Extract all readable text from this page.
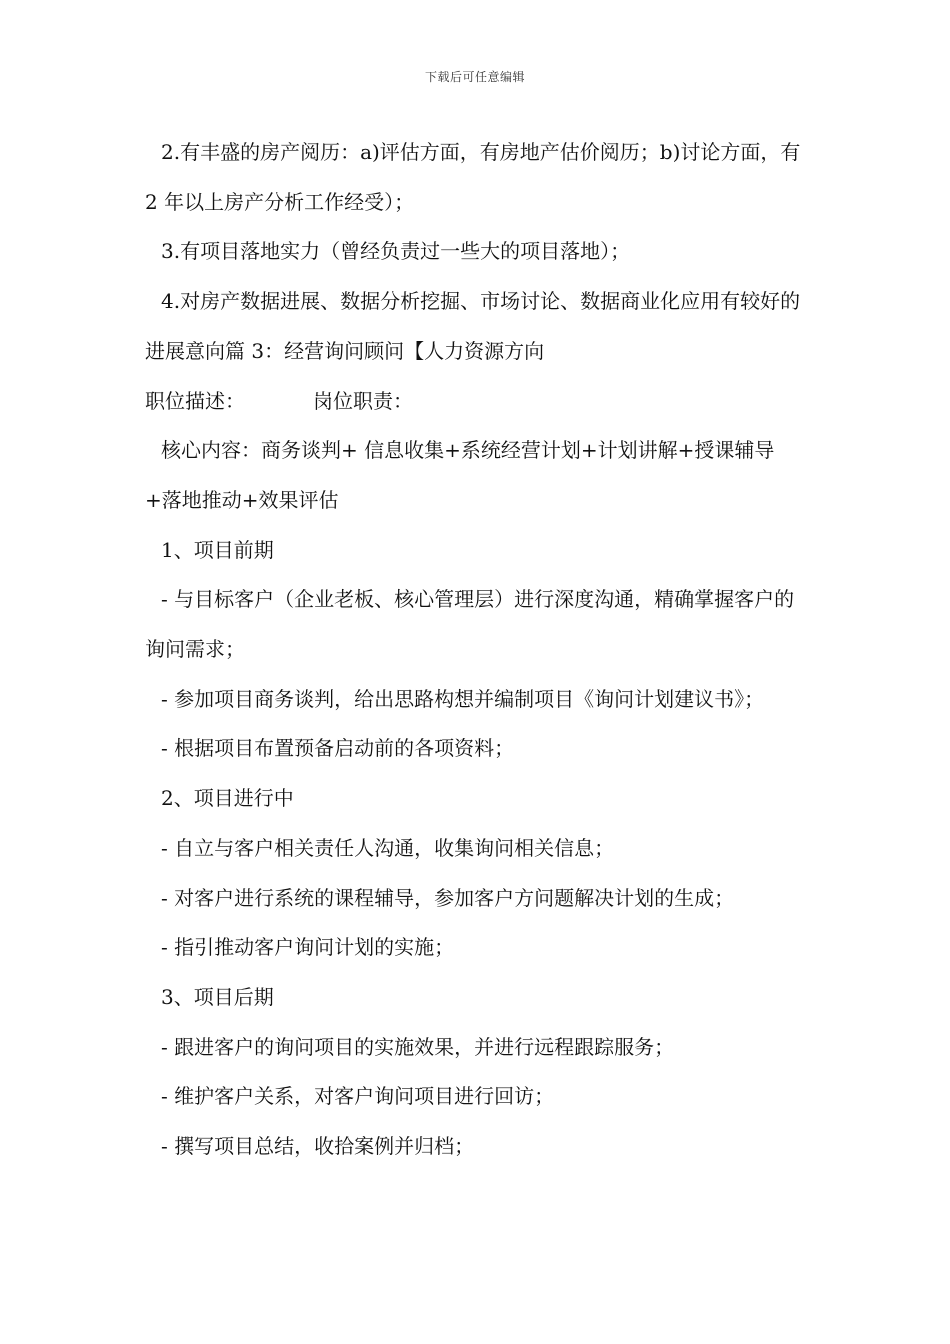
下载后可任意编辑

2.有丰盛的房产阅历：a)评估方面，有房地产估价阅历；b)讨论方面，有 2 年以上房产分析工作经受）；

3.有项目落地实力（曾经负责过一些大的项目落地）；

4.对房产数据进展、数据分析挖掘、市场讨论、数据商业化应用有较好的进展意向篇 3：经营询问顾问【人力资源方向

职位描述：	岗位职责：

核心内容：商务谈判+ 信息收集+系统经营计划+计划讲解+授课辅导+落地推动+效果评估

1、项目前期

- 与目标客户（企业老板、核心管理层）进行深度沟通，精确掌握客户的询问需求；

- 参加项目商务谈判，给出思路构想并编制项目《询问计划建议书》；

- 根据项目布置预备启动前的各项资料；

2、项目进行中

- 自立与客户相关责任人沟通，收集询问相关信息；

- 对客户进行系统的课程辅导，参加客户方问题解决计划的生成；

- 指引推动客户询问计划的实施；

3、项目后期

- 跟进客户的询问项目的实施效果，并进行远程跟踪服务；

- 维护客户关系，对客户询问项目进行回访；

- 撰写项目总结，收拾案例并归档；
